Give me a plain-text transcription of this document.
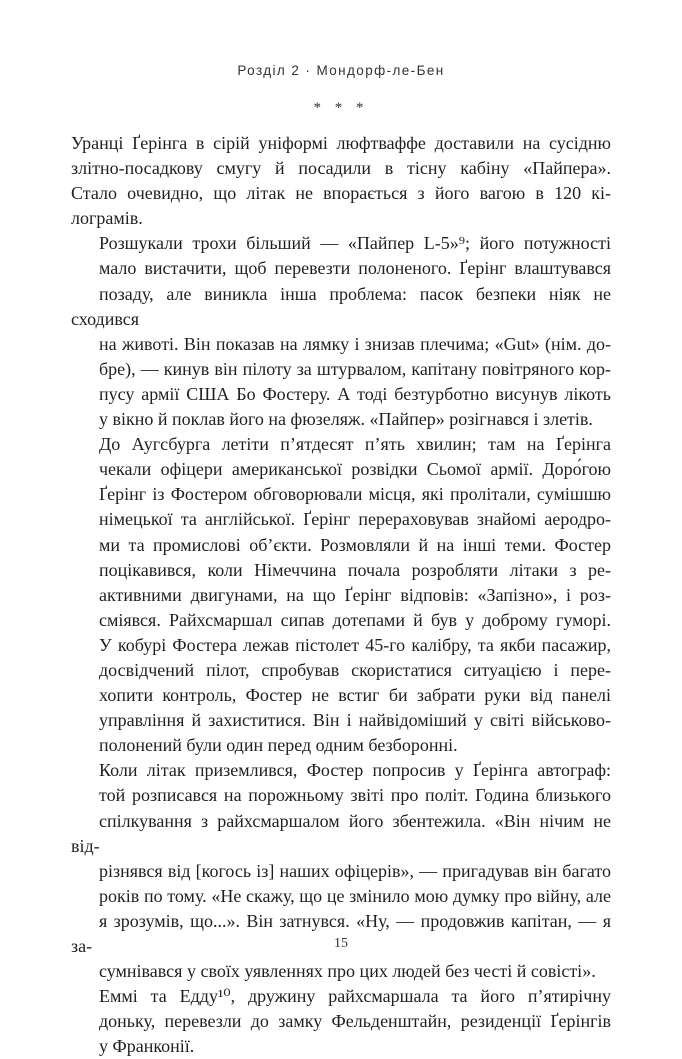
Розділ 2 · Мондорф-ле-Бен
* * *

Уранці Ґерінга в сірій уніформі люфтваффе доставили на сусідню
злітно-посадкову смугу й посадили в тісну кабіну «Пайпера».
Стало очевидно, що літак не впорається з його вагою в 120 кі-
лограмів.

Розшукали трохи більший — «Пайпер L-5»⁹; його потужності
мало вистачити, щоб перевезти полоненого. Ґерінг влаштувався
позаду, але виникла інша проблема: пасок безпеки ніяк не сходився
на животі. Він показав на лямку і знизав плечима; «Gut» (нім. до-
бре), — кинув він пілоту за штурвалом, капітану повітряного кор-
пусу армії США Бо Фостеру. А тоді безтурботно висунув лікоть
у вікно й поклав його на фюзеляж. «Пайпер» розігнався і злетів.

До Аугсбурга летіти п’ятдесят п’ять хвилин; там на Ґерінга
чекали офіцери американської розвідки Сьомої армії. Доро́гою
Ґерінг із Фостером обговорювали місця, які пролітали, сумішшю
німецької та англійської. Ґерінг перераховував знайомі аеродро-
ми та промислові об’єкти. Розмовляли й на інші теми. Фостер
поцікавився, коли Німеччина почала розробляти літаки з ре-
активними двигунами, на що Ґерінг відповів: «Запізно», і роз-
сміявся. Райхсмаршал сипав дотепами й був у доброму гуморі.
У кобурі Фостера лежав пістолет 45-го калібру, та якби пасажир,
досвідчений пілот, спробував скористатися ситуацією і пере-
хопити контроль, Фостер не встиг би забрати руки від панелі
управління й захиститися. Він і найвідоміший у світі військово-
полонений були один перед одним безборонні.

Коли літак приземлився, Фостер попросив у Ґерінга автограф:
той розписався на порожньому звіті про політ. Година близького
спілкування з райхсмаршалом його збентежила. «Він нічим не від-
різнявся від [когось із] наших офіцерів», — пригадував він багато
років по тому. «Не скажу, що це змінило мою думку про війну, але
я зрозумів, що...». Він затнувся. «Ну, — продовжив капітан, — я за-
сумнівався у своїх уявленнях про цих людей без честі й совісті».

Еммі та Едду¹⁰, дружину райхсмаршала та його п’ятирічну
доньку, перевезли до замку Фельденштайн, резиденції Ґерінгів
у Франконії.

15
